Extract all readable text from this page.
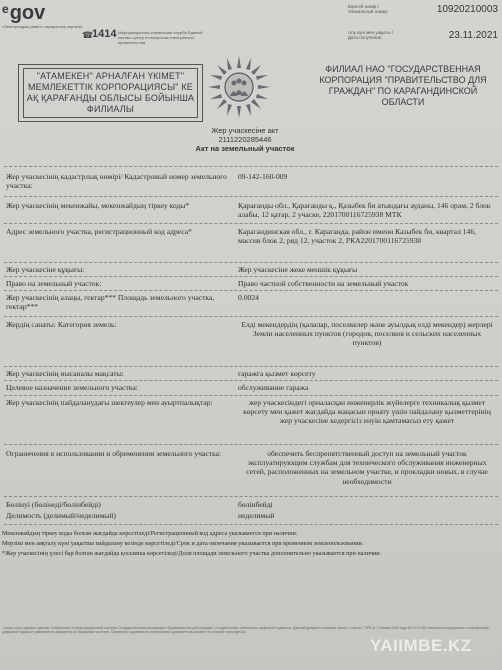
$^e$gov
«Электрондық үкімет» ақпараттық порталы
☎
1414 Информационно-справочная служба Единый контакт-центр по вопросам электронного правительства
Бірегей нөмір / Уникальный номер	10920210003
Алу күні мен уақыты / Дата получения	23.11.2021
"АТАМЕКЕН" АРНАЛҒАН ҮКІМЕТ" МЕМЛЕКЕТТІК КОРПОРАЦИЯСЫ" КЕ АҚ ҚАРАҒАНДЫ ОБЛЫСЫ БОЙЫНША ФИЛИАЛЫ
ФИЛИАЛ НАО "ГОСУДАРСТВЕННАЯ КОРПОРАЦИЯ "ПРАВИТЕЛЬСТВО ДЛЯ ГРАЖДАН" ПО КАРАГАНДИНСКОЙ ОБЛАСТИ
Жер учаскесіне акт
2111220285446
Акт на земельный участок
Жер учаскесінің кадастрлық нөмірі/ Кадастровый номер земельного участка:
09-142-160-009
Жер учаскесінің мекенжайы, мекенжайдың тіркеу коды*	Қарағанды обл., Қарағанды қ., Қазыбек би атындағы ауданы, 146 орам, 2 блок алабы, 12 қатар, 2 учаске, 2201700116725938 МТК
Адрес земельного участка, регистрационный код адреса*	Карагандинская обл., г. Караганда, район имени Казыбек би, квартал 146, массив блок 2, ряд 12, участок 2, РКА2201700116725938
Жер учаскесіне құқығы:	Жер учаскесіне жеке меншік құқығы
Право на земельный участок:	Право частной собственности на земельный участок
Жер учаскесінің алаңы, гектар*** Площадь земельного участка, гектар***
0.0024
Жердің санаты: Категория земель:	Елді мекендердің (қалалар, поселкелер және ауылдық елді мекендер) жерлері Земли населенных пунктов (городов, поселков и сельских населенных пунктов)
Жер учаскесінің нысаналы мақсаты:	гаражға қызмет көрсету
Целевое назначение земельного участка:	обслуживание гаража
Жер учаскесінің пайдаланудағы шектеулер мен ауыртпалықтар:	жер учаскесіндегі орналасқан инженерлік жүйелерге техникалық қызмет көрсету мен қажет жағдайда жаңасын орнату үшін пайдалану қызметтерінің жер учаскесіне кедергісіз енуін қамтамасыз ету қажет
Ограничения в использовании и обременения земельного участка:	обеспечить беспрепятственный доступ на земельный участок эксплуатирующим службам для технического обслуживания инженерных сетей, расположенных на земельном участке, и прокладки новых, в случае необходимости
Бөлінуі (бөлінеді/бөлінбейді)	бөлінбейді
Делимость (делимый/неделимый)	неделимый
Мекенжайдың тіркеу коды болған жағдайда көрсетіледі/Регистрационный код адреса указывается при наличии.
Мерзімі мен аяқталу күні уақытша пайдалану кезінде көрсетіледі/Срок и дата окончания указывается при временном землепользовании.
*Жер учаскесінің үлесі бар болған жағдайда қосымша көрсетіледі/Доля площади земельного участка дополнительно указывается при наличии.
* штрих-код содержит данные, полученные из информационной системы Государственная корпорация «Правительство для граждан» и подписанные электронно-цифровой подписью. Данный документ согласно пункту 1 статьи 7 ЗРК от 7 января 2003 года N370-II «Об электронном документе и электронной цифровой подписи» равнозначен документу на бумажном носителе. Проверить подлинность электронного документа вы можете на портале www.egov.kz.
YAIIMBE.KZ
